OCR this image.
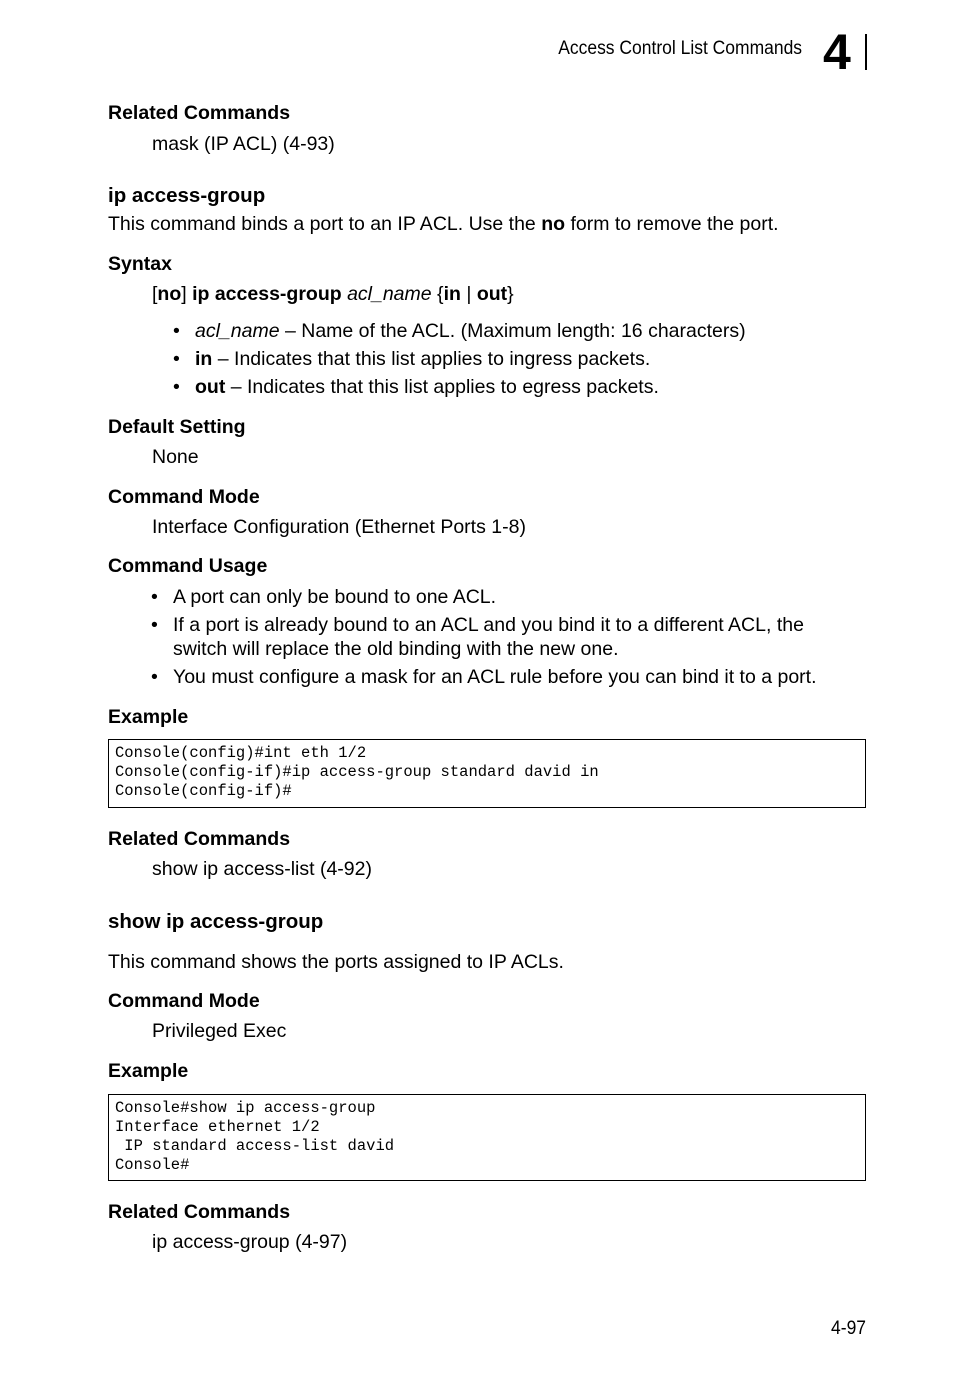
Access Control List Commands 4
Related Commands
mask (IP ACL) (4-93)
ip access-group
This command binds a port to an IP ACL. Use the no form to remove the port.
Syntax
[no] ip access-group acl_name {in | out}
• acl_name – Name of the ACL. (Maximum length: 16 characters)
• in – Indicates that this list applies to ingress packets.
• out – Indicates that this list applies to egress packets.
Default Setting
None
Command Mode
Interface Configuration (Ethernet Ports 1-8)
Command Usage
• A port can only be bound to one ACL.
• If a port is already bound to an ACL and you bind it to a different ACL, the
switch will replace the old binding with the new one.
• You must configure a mask for an ACL rule before you can bind it to a port.
Example
Console(config)#int eth 1/2
Console(config-if)#ip access-group standard david in
Console(config-if)#
Related Commands
show ip access-list (4-92)
show ip access-group
This command shows the ports assigned to IP ACLs.
Command Mode
Privileged Exec
Example
Console#show ip access-group
Interface ethernet 1/2
IP standard access-list david
Console#
Related Commands
ip access-group (4-97)
4-97
